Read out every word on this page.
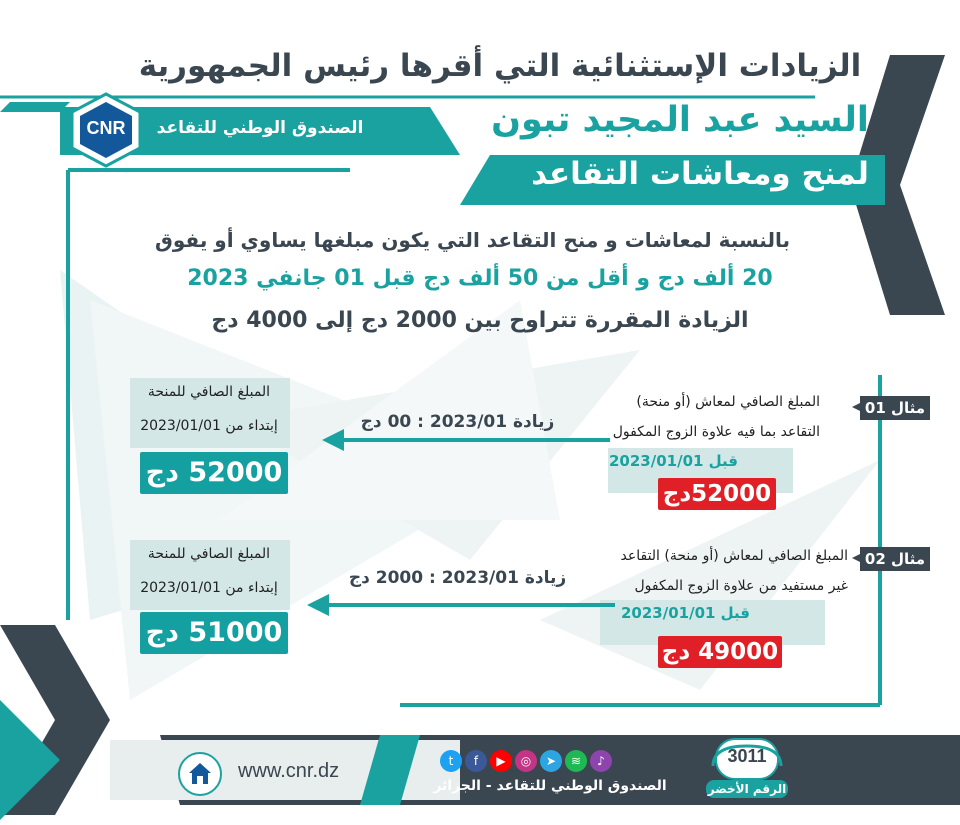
CNR
الزيادات الإستثنائية التي أقرها رئيس الجمهورية
السيد عبد المجيد تبون
لمنح ومعاشات التقاعد
الصندوق الوطني للتقاعد
بالنسبة لمعاشات و منح التقاعد التي يكون مبلغها يساوي أو يفوق
20 ألف دج و أقل من 50 ألف دج قبل 01 جانفي 2023
الزيادة المقررة تتراوح بين 2000 دج إلى 4000 دج
مثال 01
المبلغ الصافي لمعاش (أو منحة)
التقاعد بما فيه علاوة الزوج المكفول
قبل 2023/01/01
52000دج
زيادة 2023/01 : 00 دج
المبلغ الصافي للمنحة
إبتداء من 2023/01/01
52000 دج
مثال 02
المبلغ الصافي لمعاش (أو منحة) التقاعد
غير مستفيد من علاوة الزوج المكفول
قبل 2023/01/01
49000 دج
زيادة 2023/01 : 2000 دج
المبلغ الصافي للمنحة
إبتداء من 2023/01/01
51000 دج
www.cnr.dz	t	f	▶	◎	➤	≋	♪
الصندوق الوطني للتقاعد - الجزائر
3011
الرقم الأخضر
